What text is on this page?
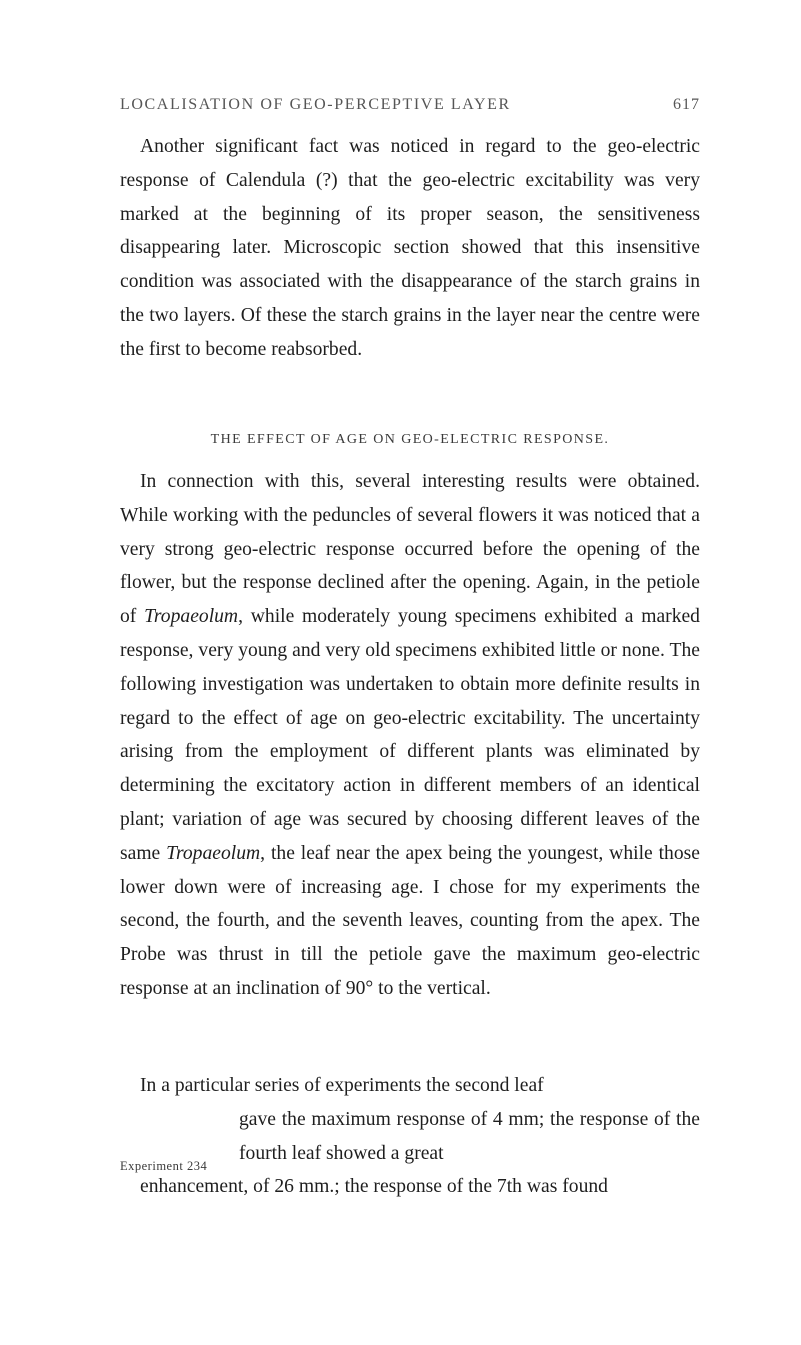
LOCALISATION OF GEO-PERCEPTIVE LAYER	617

Another significant fact was noticed in regard to the geo-electric response of Calendula (?) that the geo-electric excitability was very marked at the beginning of its proper season, the sensitiveness disappearing later. Microscopic section showed that this insensitive condition was associated with the disappearance of the starch grains in the two layers. Of these the starch grains in the layer near the centre were the first to become reabsorbed.

THE EFFECT OF AGE ON GEO-ELECTRIC RESPONSE.

In connection with this, several interesting results were obtained. While working with the peduncles of several flowers it was noticed that a very strong geo-electric response occurred before the opening of the flower, but the response declined after the opening. Again, in the petiole of Tropaeolum, while moderately young specimens exhibited a marked response, very young and very old specimens exhibited little or none. The following investigation was undertaken to obtain more definite results in regard to the effect of age on geo-electric excitability. The uncertainty arising from the employment of different plants was eliminated by determining the excitatory action in different members of an identical plant; variation of age was secured by choosing different leaves of the same Tropaeolum, the leaf near the apex being the youngest, while those lower down were of increasing age. I chose for my experiments the second, the fourth, and the seventh leaves, counting from the apex. The Probe was thrust in till the petiole gave the maximum geo-electric response at an inclination of 90° to the vertical.

In a particular series of experiments the second leaf

gave the maximum response of 4 mm; the response of the fourth leaf showed a great

enhancement, of 26 mm.; the response of the 7th was found

Experiment 234
